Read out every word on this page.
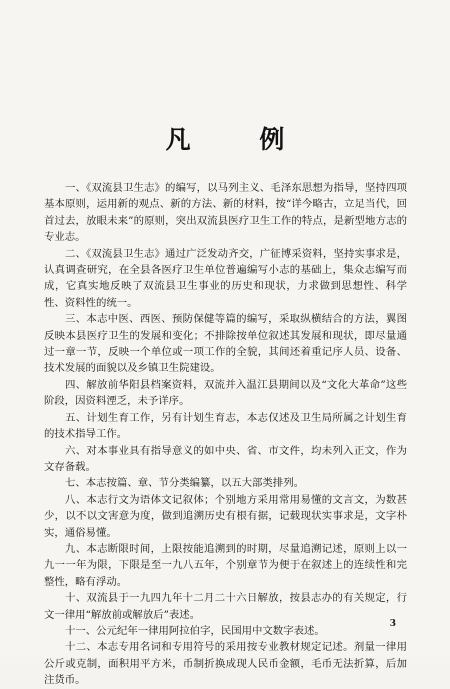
凡 例

一、《双流县卫生志》的编写，以马列主义、毛泽东思想为指导，坚持四项基本原则，运用新的观点、新的方法、新的材料，按“详今略古，立足当代，回首过去，放眼未来”的原则，突出双流县医疗卫生工作的特点，是新型地方志的专业志。

二、《双流县卫生志》通过广泛发动齐交，广征博采资料，坚持实事求是，认真调查研究，在全县各医疗卫生单位普遍编写小志的基础上，集众志编写而成，它真实地反映了双流县卫生事业的历史和现状，力求做到思想性、科学性、资料性的统一。

三、本志中医、西医、预防保健等篇的编写，采取纵横结合的方法，翼图反映本县医疗卫生的发展和变化；不排除按单位叙述其发展和现状，即尽量通过一章一节，反映一个单位或一项工作的全貌，其间还着重记序人员、设备、技术发展的面貌以及乡镇卫生院建设。

四、解放前华阳县档案资料，双流并入温江县期间以及“文化大革命”这些阶段，因资料湮乏，未予详序。

五、计划生育工作，另有计划生育志，本志仅述及卫生局所属之计划生育的技术指导工作。

六、对本事业具有指导意义的如中央、省、市文件，均未列入正文，作为文存备载。

七、本志按篇、章、节分类编纂，以五大部类排列。

八、本志行文为语体文记叙体；个别地方采用常用易懂的文言文，为数甚少，以不以文害意为度，做到追溯历史有根有据，记载现状实事求是，文字朴实，通俗易懂。

九、本志断限时间，上限按能追溯到的时期，尽量追溯记述，原则上以一九一一年为限，下限是至一九八五年，个别章节为便于在叙述上的连续性和完整性，略有浮动。

十、双流县于一九四九年十二月二十六日解放，按县志办的有关规定，行文一律用“解放前或解放后”表述。

十一、公元纪年一律用阿拉伯字，民国用中文数字表述。

十二、本志专用名词和专用符号的采用按专业教材规定记述。剂量一律用公斤或克制，面积用平方米，币制折换成现人民币金额，毛币无法折算，后加注货币。

3
